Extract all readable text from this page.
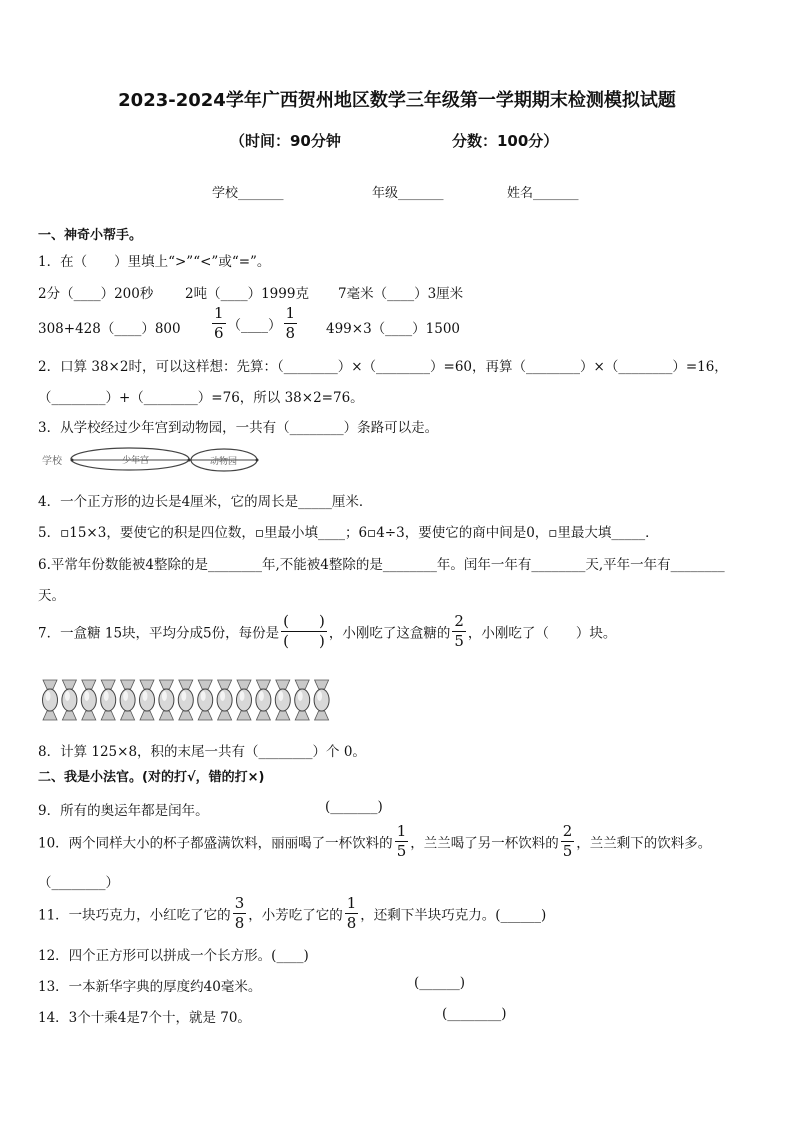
2023-2024学年广西贺州地区数学三年级第一学期期末检测模拟试题
（时间：90分钟	分数：100分）
学校_______	年级_______	姓名_______
一、神奇小帮手。
1．在（　　）里填上“>”“<”或“=”。
2分（____）200秒 2吨（____）1999克 7毫米（____）3厘米
308+428（____）800 $\frac{1}{6}$ （____） $\frac{1}{8}$ 499×3（____）1500
2．口算 38×2时，可以这样想：先算：（________）×（________）=60，再算（________）×（________）=16，
（________）+（________）=76，所以 38×2=76。
3．从学校经过少年宫到动物园，一共有（________）条路可以走。
学校	少年宫	动物园
4．一个正方形的边长是4厘米，它的周长是_____厘米．
5．▫15×3，要使它的积是四位数，▫里最小填____；6▫4÷3，要使它的商中间是0，▫里最大填_____．
6.平常年份数能被4整除的是________年,不能被4整除的是________年。闰年一年有________天,平年一年有________
天。
7．一盒糖 15块，平均分成5份，每份是 $\frac{( )}{( )}$ ，小刚吃了这盒糖的 $\frac{2}{5}$ ，小刚吃了（　　）块。
8．计算 125×8，积的末尾一共有（________）个 0。
二、我是小法官。(对的打√，错的打×)
9．所有的奥运年都是闰年。	(_______)
10．两个同样大小的杯子都盛满饮料，丽丽喝了一杯饮料的 $\frac{1}{5}$ ，兰兰喝了另一杯饮料的 $\frac{2}{5}$ ，兰兰剩下的饮料多。
（________）
11．一块巧克力，小红吃了它的 $\frac{3}{8}$ ，小芳吃了它的 $\frac{1}{8}$ ，还剩下半块巧克力。(______)
12．四个正方形可以拼成一个长方形。(____)
13．一本新华字典的厚度约40毫米。	(______)
14．3个十乘4是7个十，就是 70。	(________)
